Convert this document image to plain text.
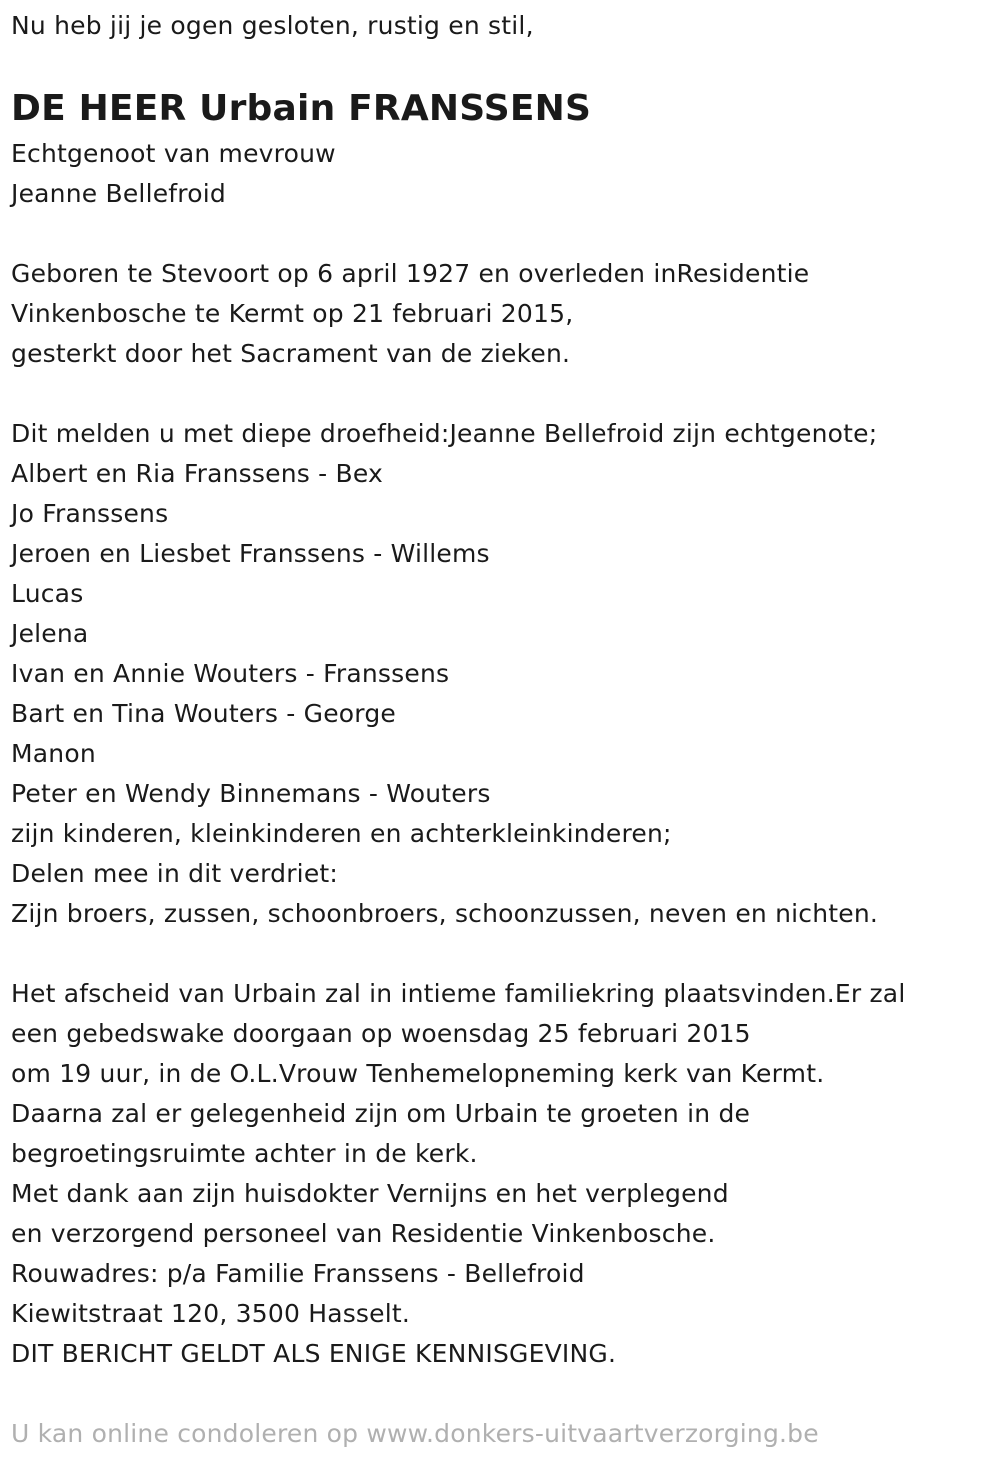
Nu heb jij je ogen gesloten, rustig en stil,
DE HEER Urbain FRANSSENS
Echtgenoot van mevrouw
Jeanne Bellefroid
Geboren te Stevoort op 6 april 1927 en overleden inResidentie
Vinkenbosche te Kermt op 21 februari 2015,
gesterkt door het Sacrament van de zieken.
Dit melden u met diepe droefheid:Jeanne Bellefroid zijn echtgenote;
Albert en Ria Franssens - Bex
Jo Franssens
Jeroen en Liesbet Franssens - Willems
Lucas
Jelena
Ivan en Annie Wouters - Franssens
Bart en Tina Wouters - George
Manon
Peter en Wendy Binnemans - Wouters
zijn kinderen, kleinkinderen en achterkleinkinderen;
Delen mee in dit verdriet:
Zijn broers, zussen, schoonbroers, schoonzussen, neven en nichten.
Het afscheid van Urbain zal in intieme familiekring plaatsvinden.Er zal
een gebedswake doorgaan op woensdag 25 februari 2015
om 19 uur, in de O.L.Vrouw Tenhemelopneming kerk van Kermt.
Daarna zal er gelegenheid zijn om Urbain te groeten in de
begroetingsruimte achter in de kerk.
Met dank aan zijn huisdokter Vernijns en het verplegend
en verzorgend personeel van Residentie Vinkenbosche.
Rouwadres: p/a Familie Franssens - Bellefroid
Kiewitstraat 120, 3500 Hasselt.
DIT BERICHT GELDT ALS ENIGE KENNISGEVING.
U kan online condoleren op www.donkers-uitvaartverzorging.be
